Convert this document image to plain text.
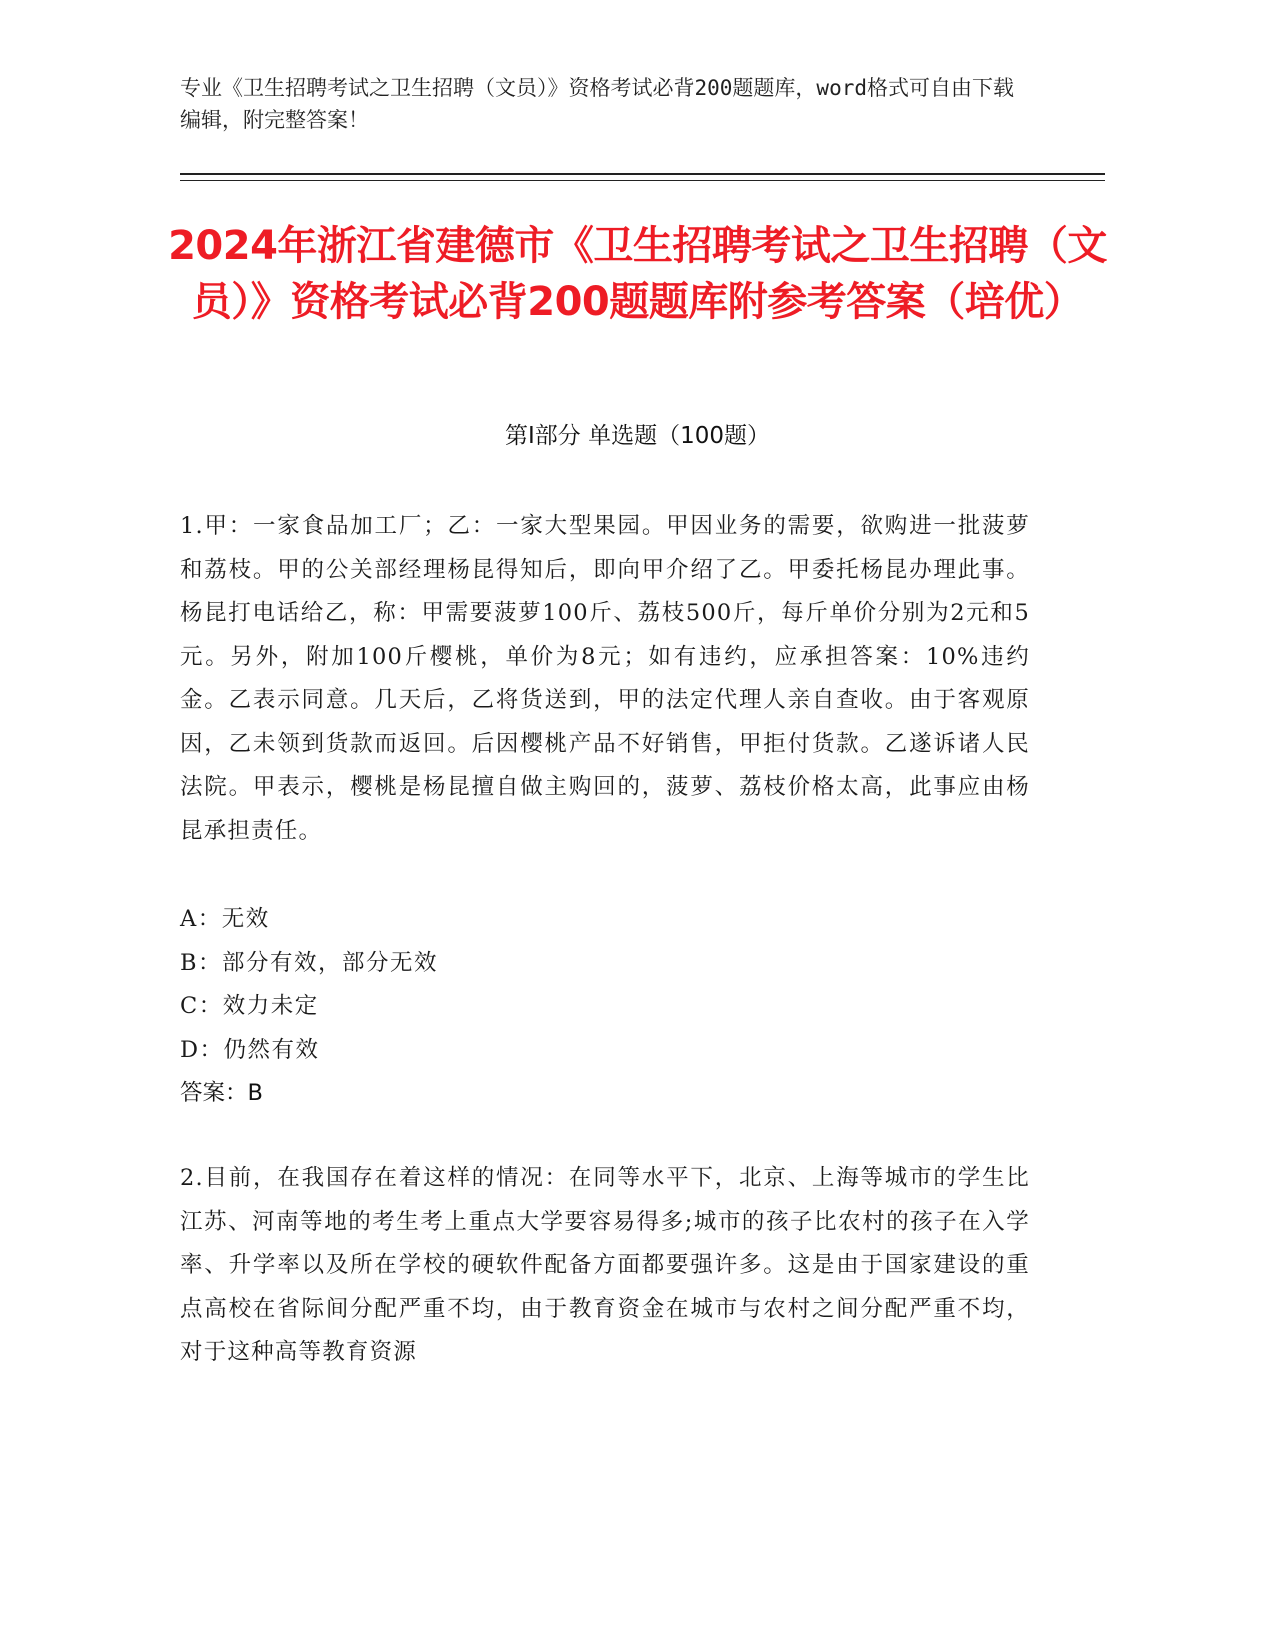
专业《卫生招聘考试之卫生招聘（文员）》资格考试必背200题题库，word格式可自由下载编辑，附完整答案！
2024年浙江省建德市《卫生招聘考试之卫生招聘（文员）》资格考试必背200题题库附参考答案（培优）
第Ⅰ部分 单选题（100题）
1.甲：一家食品加工厂；乙：一家大型果园。甲因业务的需要，欲购进一批菠萝和荔枝。甲的公关部经理杨昆得知后，即向甲介绍了乙。甲委托杨昆办理此事。杨昆打电话给乙，称：甲需要菠萝100斤、荔枝500斤，每斤单价分别为2元和5元。另外，附加100斤樱桃，单价为8元；如有违约，应承担答案：10%违约金。乙表示同意。几天后，乙将货送到，甲的法定代理人亲自查收。由于客观原因，乙未领到货款而返回。后因樱桃产品不好销售，甲拒付货款。乙遂诉诸人民法院。甲表示，樱桃是杨昆擅自做主购回的，菠萝、荔枝价格太高，此事应由杨昆承担责任。
A：无效
B：部分有效，部分无效
C：效力未定
D：仍然有效
答案：B
2.目前，在我国存在着这样的情况：在同等水平下，北京、上海等城市的学生比江苏、河南等地的考生考上重点大学要容易得多;城市的孩子比农村的孩子在入学率、升学率以及所在学校的硬软件配备方面都要强许多。这是由于国家建设的重点高校在省际间分配严重不均，由于教育资金在城市与农村之间分配严重不均，对于这种高等教育资源
